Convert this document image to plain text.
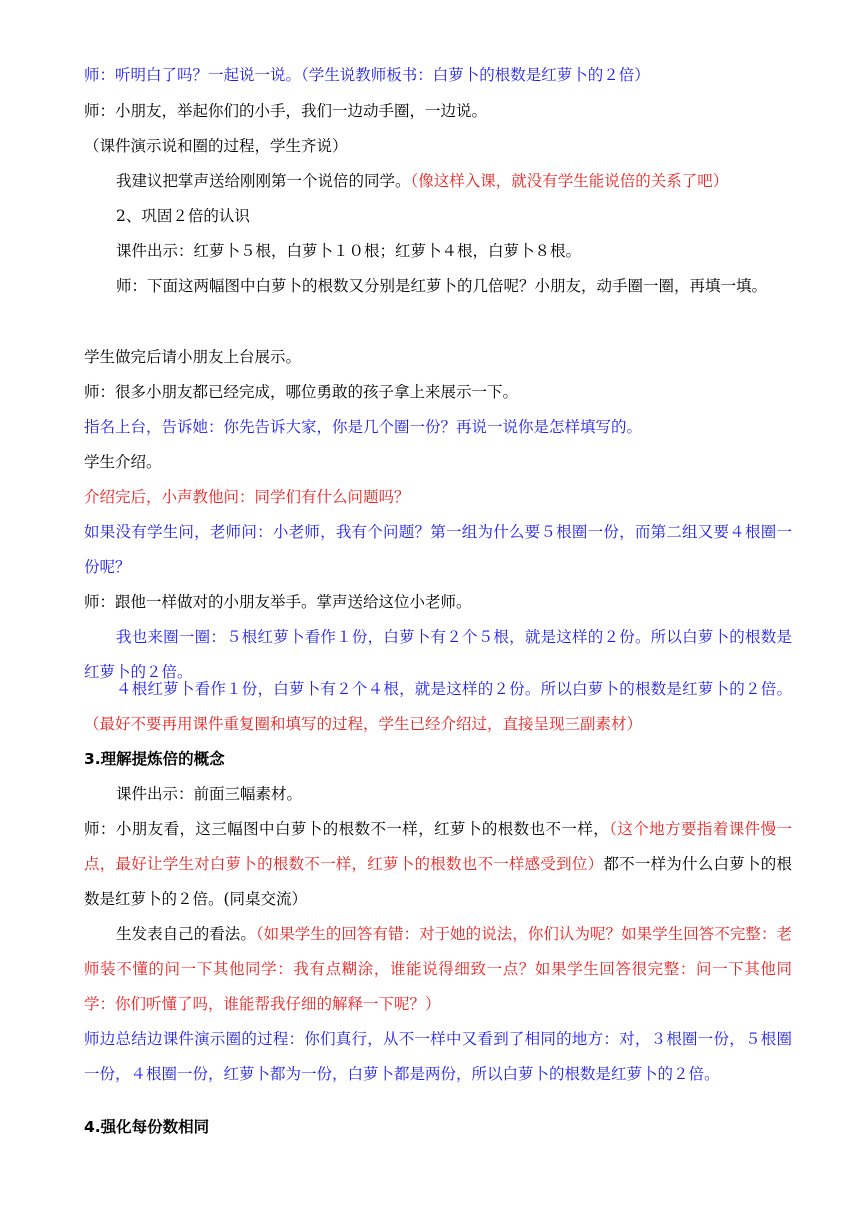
师：听明白了吗？一起说一说。（学生说教师板书：白萝卜的根数是红萝卜的２倍）

师：小朋友，举起你们的小手，我们一边动手圈，一边说。

（课件演示说和圈的过程，学生齐说）

我建议把掌声送给刚刚第一个说倍的同学。（像这样入课，就没有学生能说倍的关系了吧）

2、巩固２倍的认识

课件出示：红萝卜５根，白萝卜１０根；红萝卜４根，白萝卜８根。

师：下面这两幅图中白萝卜的根数又分别是红萝卜的几倍呢？小朋友，动手圈一圈，再填一填。

学生做完后请小朋友上台展示。

师：很多小朋友都已经完成，哪位勇敢的孩子拿上来展示一下。

指名上台，告诉她：你先告诉大家，你是几个圈一份？再说一说你是怎样填写的。

学生介绍。

介绍完后，小声教他问：同学们有什么问题吗？

如果没有学生问，老师问：小老师，我有个问题？第一组为什么要５根圈一份，而第二组又要４根圈一份呢？

师：跟他一样做对的小朋友举手。掌声送给这位小老师。

我也来圈一圈：５根红萝卜看作１份，白萝卜有２个５根，就是这样的２份。所以白萝卜的根数是红萝卜的２倍。

４根红萝卜看作１份，白萝卜有２个４根，就是这样的２份。所以白萝卜的根数是红萝卜的２倍。（最好不要再用课件重复圈和填写的过程，学生已经介绍过，直接呈现三副素材）

3.理解提炼倍的概念

课件出示：前面三幅素材。

师：小朋友看，这三幅图中白萝卜的根数不一样，红萝卜的根数也不一样，（这个地方要指着课件慢一点，最好让学生对白萝卜的根数不一样，红萝卜的根数也不一样感受到位）都不一样为什么白萝卜的根数是红萝卜的２倍。(同桌交流）

生发表自己的看法。（如果学生的回答有错：对于她的说法，你们认为呢？如果学生回答不完整：老师装不懂的问一下其他同学：我有点糊涂，谁能说得细致一点？如果学生回答很完整：问一下其他同学：你们听懂了吗，谁能帮我仔细的解释一下呢？）

师边总结边课件演示圈的过程：你们真行，从不一样中又看到了相同的地方：对，３根圈一份，５根圈一份，４根圈一份，红萝卜都为一份，白萝卜都是两份，所以白萝卜的根数是红萝卜的２倍。

4.强化每份数相同
